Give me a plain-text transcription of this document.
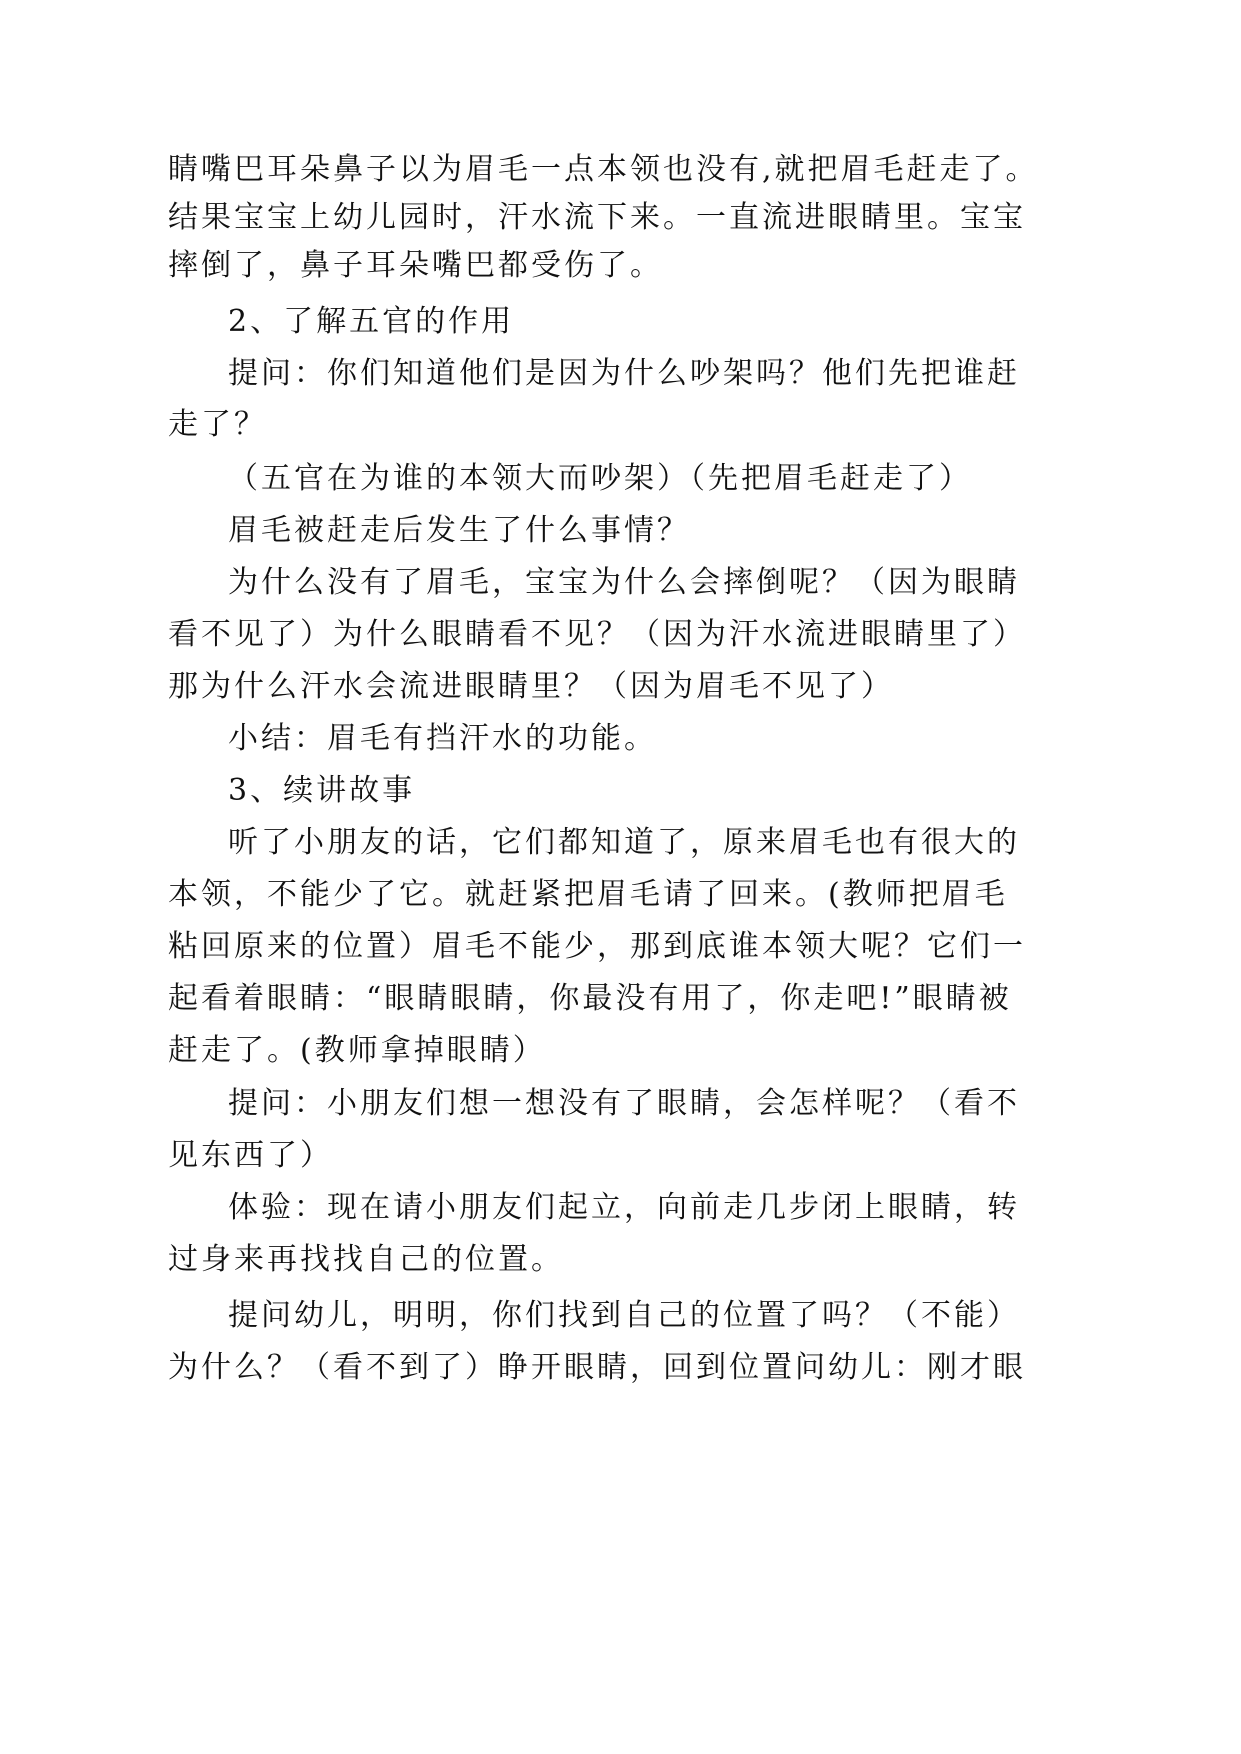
睛嘴巴耳朵鼻子以为眉毛一点本领也没有,就把眉毛赶走了。
结果宝宝上幼儿园时，汗水流下来。一直流进眼睛里。宝宝
摔倒了，鼻子耳朵嘴巴都受伤了。
2、了解五官的作用
提问：你们知道他们是因为什么吵架吗？他们先把谁赶
走了？
（五官在为谁的本领大而吵架）（先把眉毛赶走了）
眉毛被赶走后发生了什么事情？
为什么没有了眉毛，宝宝为什么会摔倒呢？（因为眼睛
看不见了）为什么眼睛看不见？（因为汗水流进眼睛里了）
那为什么汗水会流进眼睛里？（因为眉毛不见了）
小结：眉毛有挡汗水的功能。
3、续讲故事
听了小朋友的话，它们都知道了，原来眉毛也有很大的
本领，不能少了它。就赶紧把眉毛请了回来。(教师把眉毛
粘回原来的位置）眉毛不能少，那到底谁本领大呢？它们一
起看着眼睛：“眼睛眼睛，你最没有用了，你走吧!”眼睛被
赶走了。(教师拿掉眼睛）
提问：小朋友们想一想没有了眼睛，会怎样呢？（看不
见东西了）
体验：现在请小朋友们起立，向前走几步闭上眼睛，转
过身来再找找自己的位置。
提问幼儿，明明，你们找到自己的位置了吗？（不能）
为什么？（看不到了）睁开眼睛，回到位置问幼儿：刚才眼
